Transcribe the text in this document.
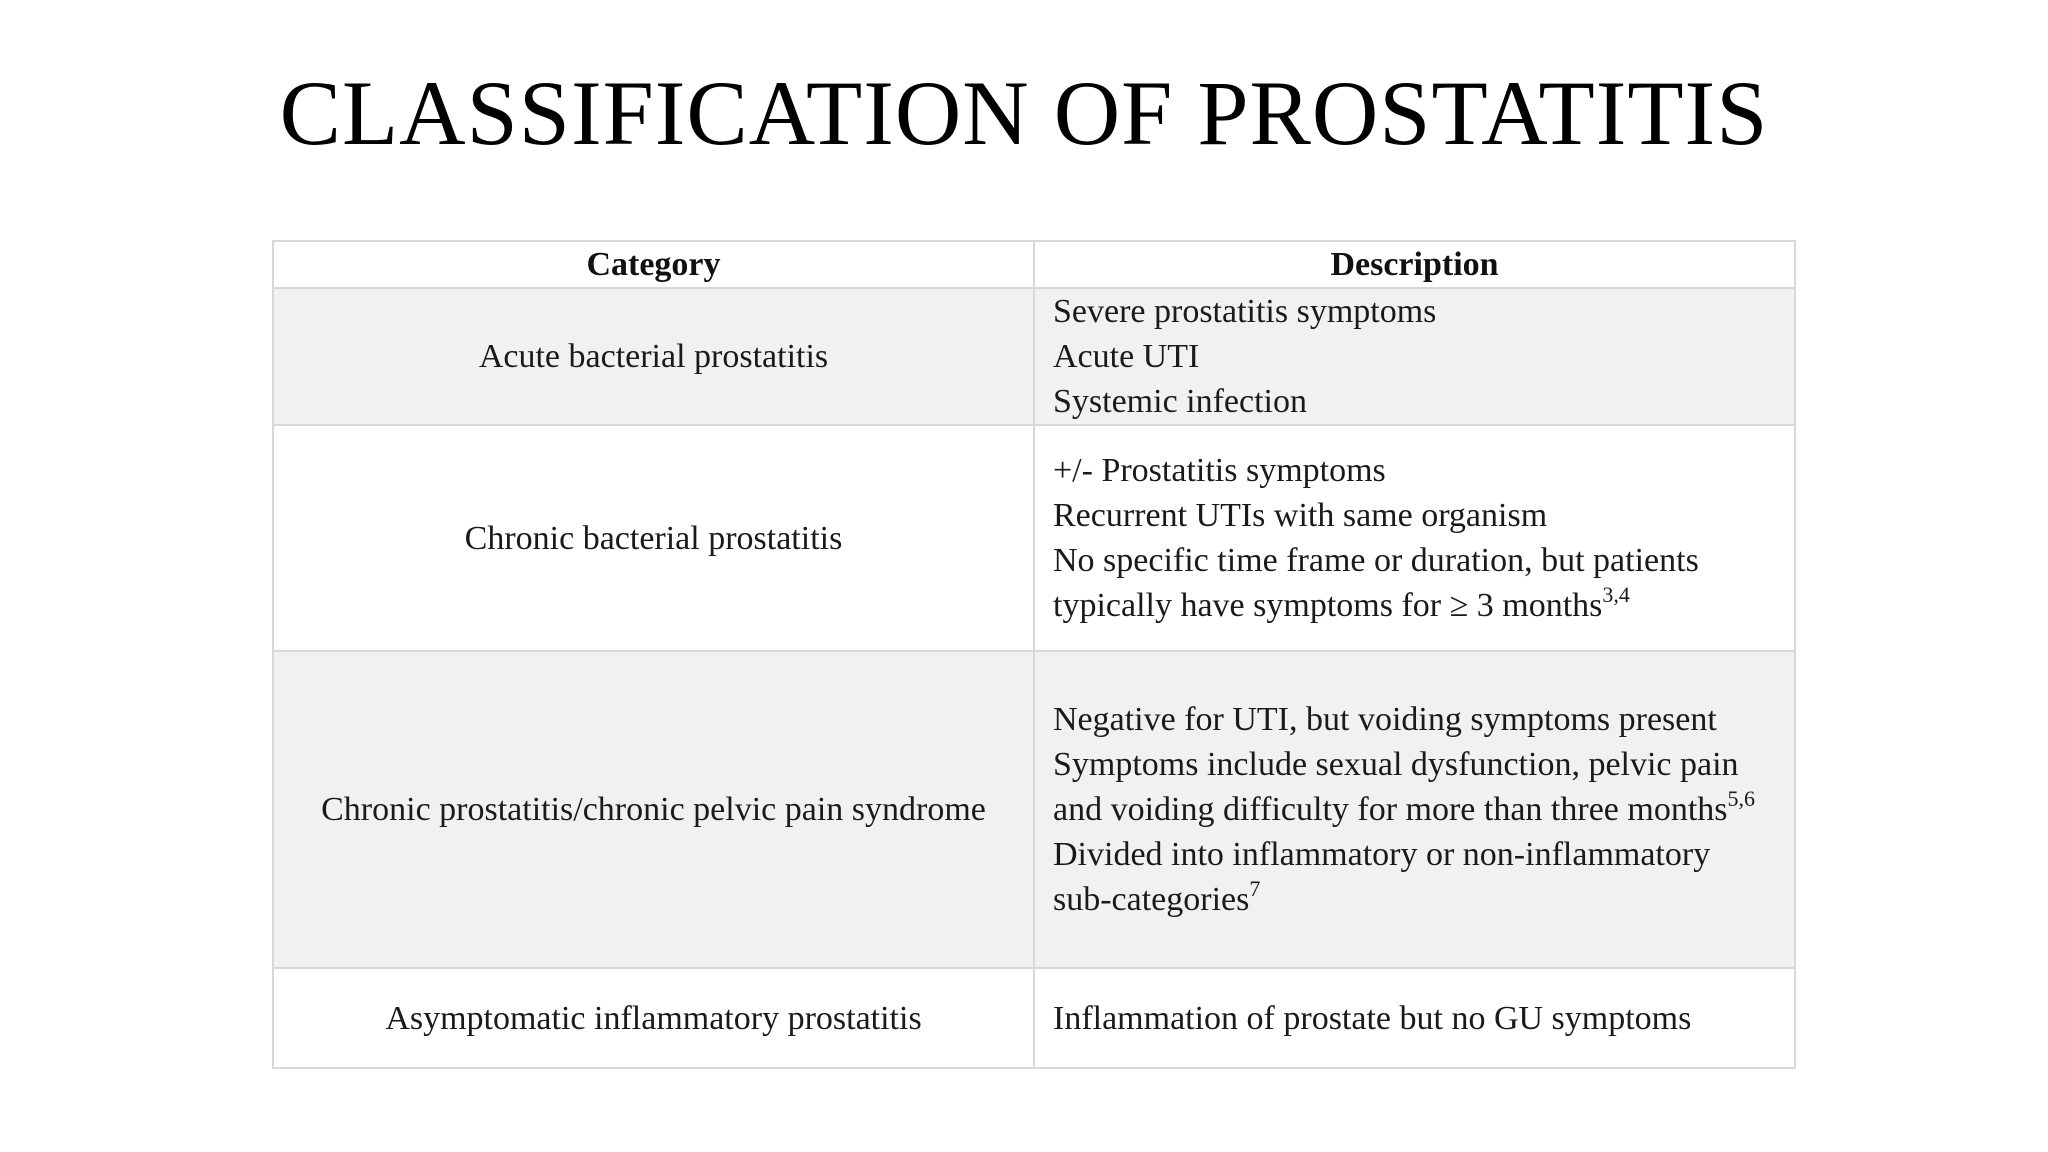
CLASSIFICATION OF PROSTATITIS
Category	Description
Acute bacterial prostatitis	Severe prostatitis symptoms
Acute UTI
Systemic infection

Chronic bacterial prostatitis	+/- Prostatitis symptoms
Recurrent UTIs with same organism
No specific time frame or duration, but patients typically have symptoms for ≥ 3 months$^{3,4}$

Chronic prostatitis/chronic pelvic pain syndrome	Negative for UTI, but voiding symptoms present
Symptoms include sexual dysfunction, pelvic pain and voiding difficulty for more than three months$^{5,6}$
Divided into inflammatory or non-inflammatory sub-categories$^7$

Asymptomatic inflammatory prostatitis	Inflammation of prostate but no GU symptoms
